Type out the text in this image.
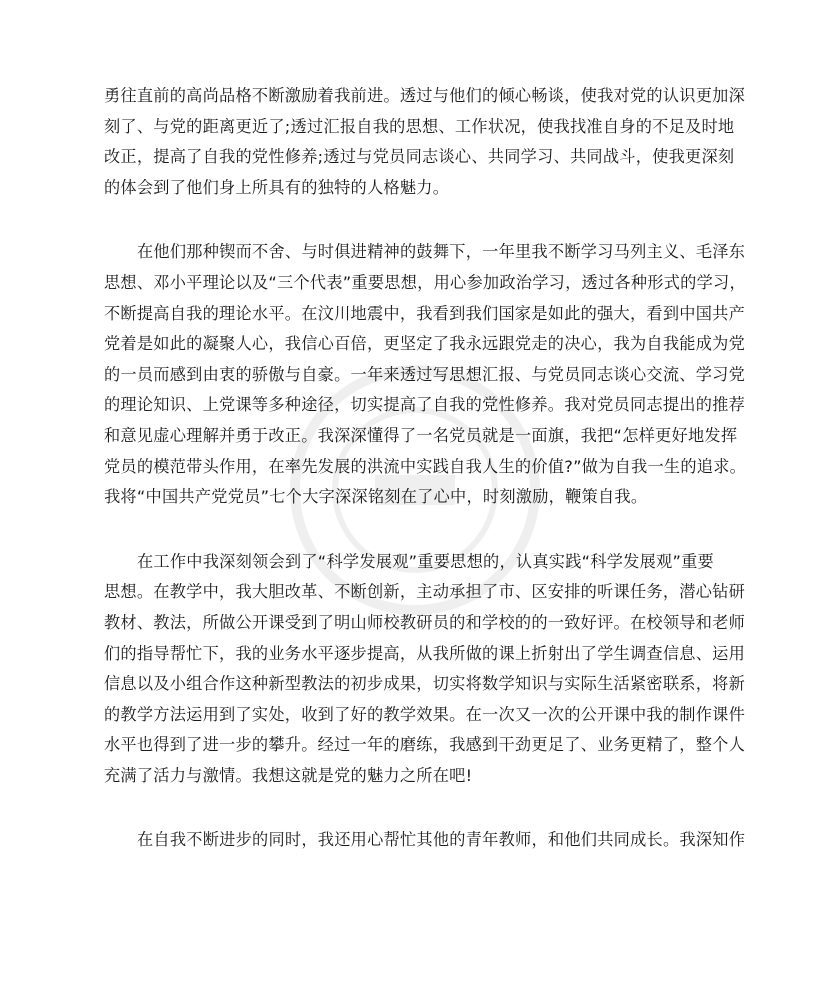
勇往直前的高尚品格不断激励着我前进。透过与他们的倾心畅谈，使我对党的认识更加深
刻了、与党的距离更近了;透过汇报自我的思想、工作状况，使我找准自身的不足及时地
改正，提高了自我的党性修养;透过与党员同志谈心、共同学习、共同战斗，使我更深刻
的体会到了他们身上所具有的独特的人格魅力。

在他们那种锲而不舍、与时俱进精神的鼓舞下，一年里我不断学习马列主义、毛泽东
思想、邓小平理论以及“三个代表”重要思想，用心参加政治学习，透过各种形式的学习，
不断提高自我的理论水平。在汶川地震中，我看到我们国家是如此的强大，看到中国共产
党着是如此的凝聚人心，我信心百倍，更坚定了我永远跟党走的决心，我为自我能成为党
的一员而感到由衷的骄傲与自豪。一年来透过写思想汇报、与党员同志谈心交流、学习党
的理论知识、上党课等多种途径，切实提高了自我的党性修养。我对党员同志提出的推荐
和意见虚心理解并勇于改正。我深深懂得了一名党员就是一面旗，我把“怎样更好地发挥
党员的模范带头作用，在率先发展的洪流中实践自我人生的价值?”做为自我一生的追求。
我将“中国共产党党员”七个大字深深铭刻在了心中，时刻激励，鞭策自我。

在工作中我深刻领会到了“科学发展观”重要思想的，认真实践“科学发展观”重要
思想。在教学中，我大胆改革、不断创新，主动承担了市、区安排的听课任务，潜心钻研
教材、教法，所做公开课受到了明山师校教研员的和学校的的一致好评。在校领导和老师
们的指导帮忙下，我的业务水平逐步提高，从我所做的课上折射出了学生调查信息、运用
信息以及小组合作这种新型教法的初步成果，切实将数学知识与实际生活紧密联系，将新
的教学方法运用到了实处，收到了好的教学效果。在一次又一次的公开课中我的制作课件
水平也得到了进一步的攀升。经过一年的磨练，我感到干劲更足了、业务更精了，整个人
充满了活力与激情。我想这就是党的魅力之所在吧!

在自我不断进步的同时，我还用心帮忙其他的青年教师，和他们共同成长。我深知作
